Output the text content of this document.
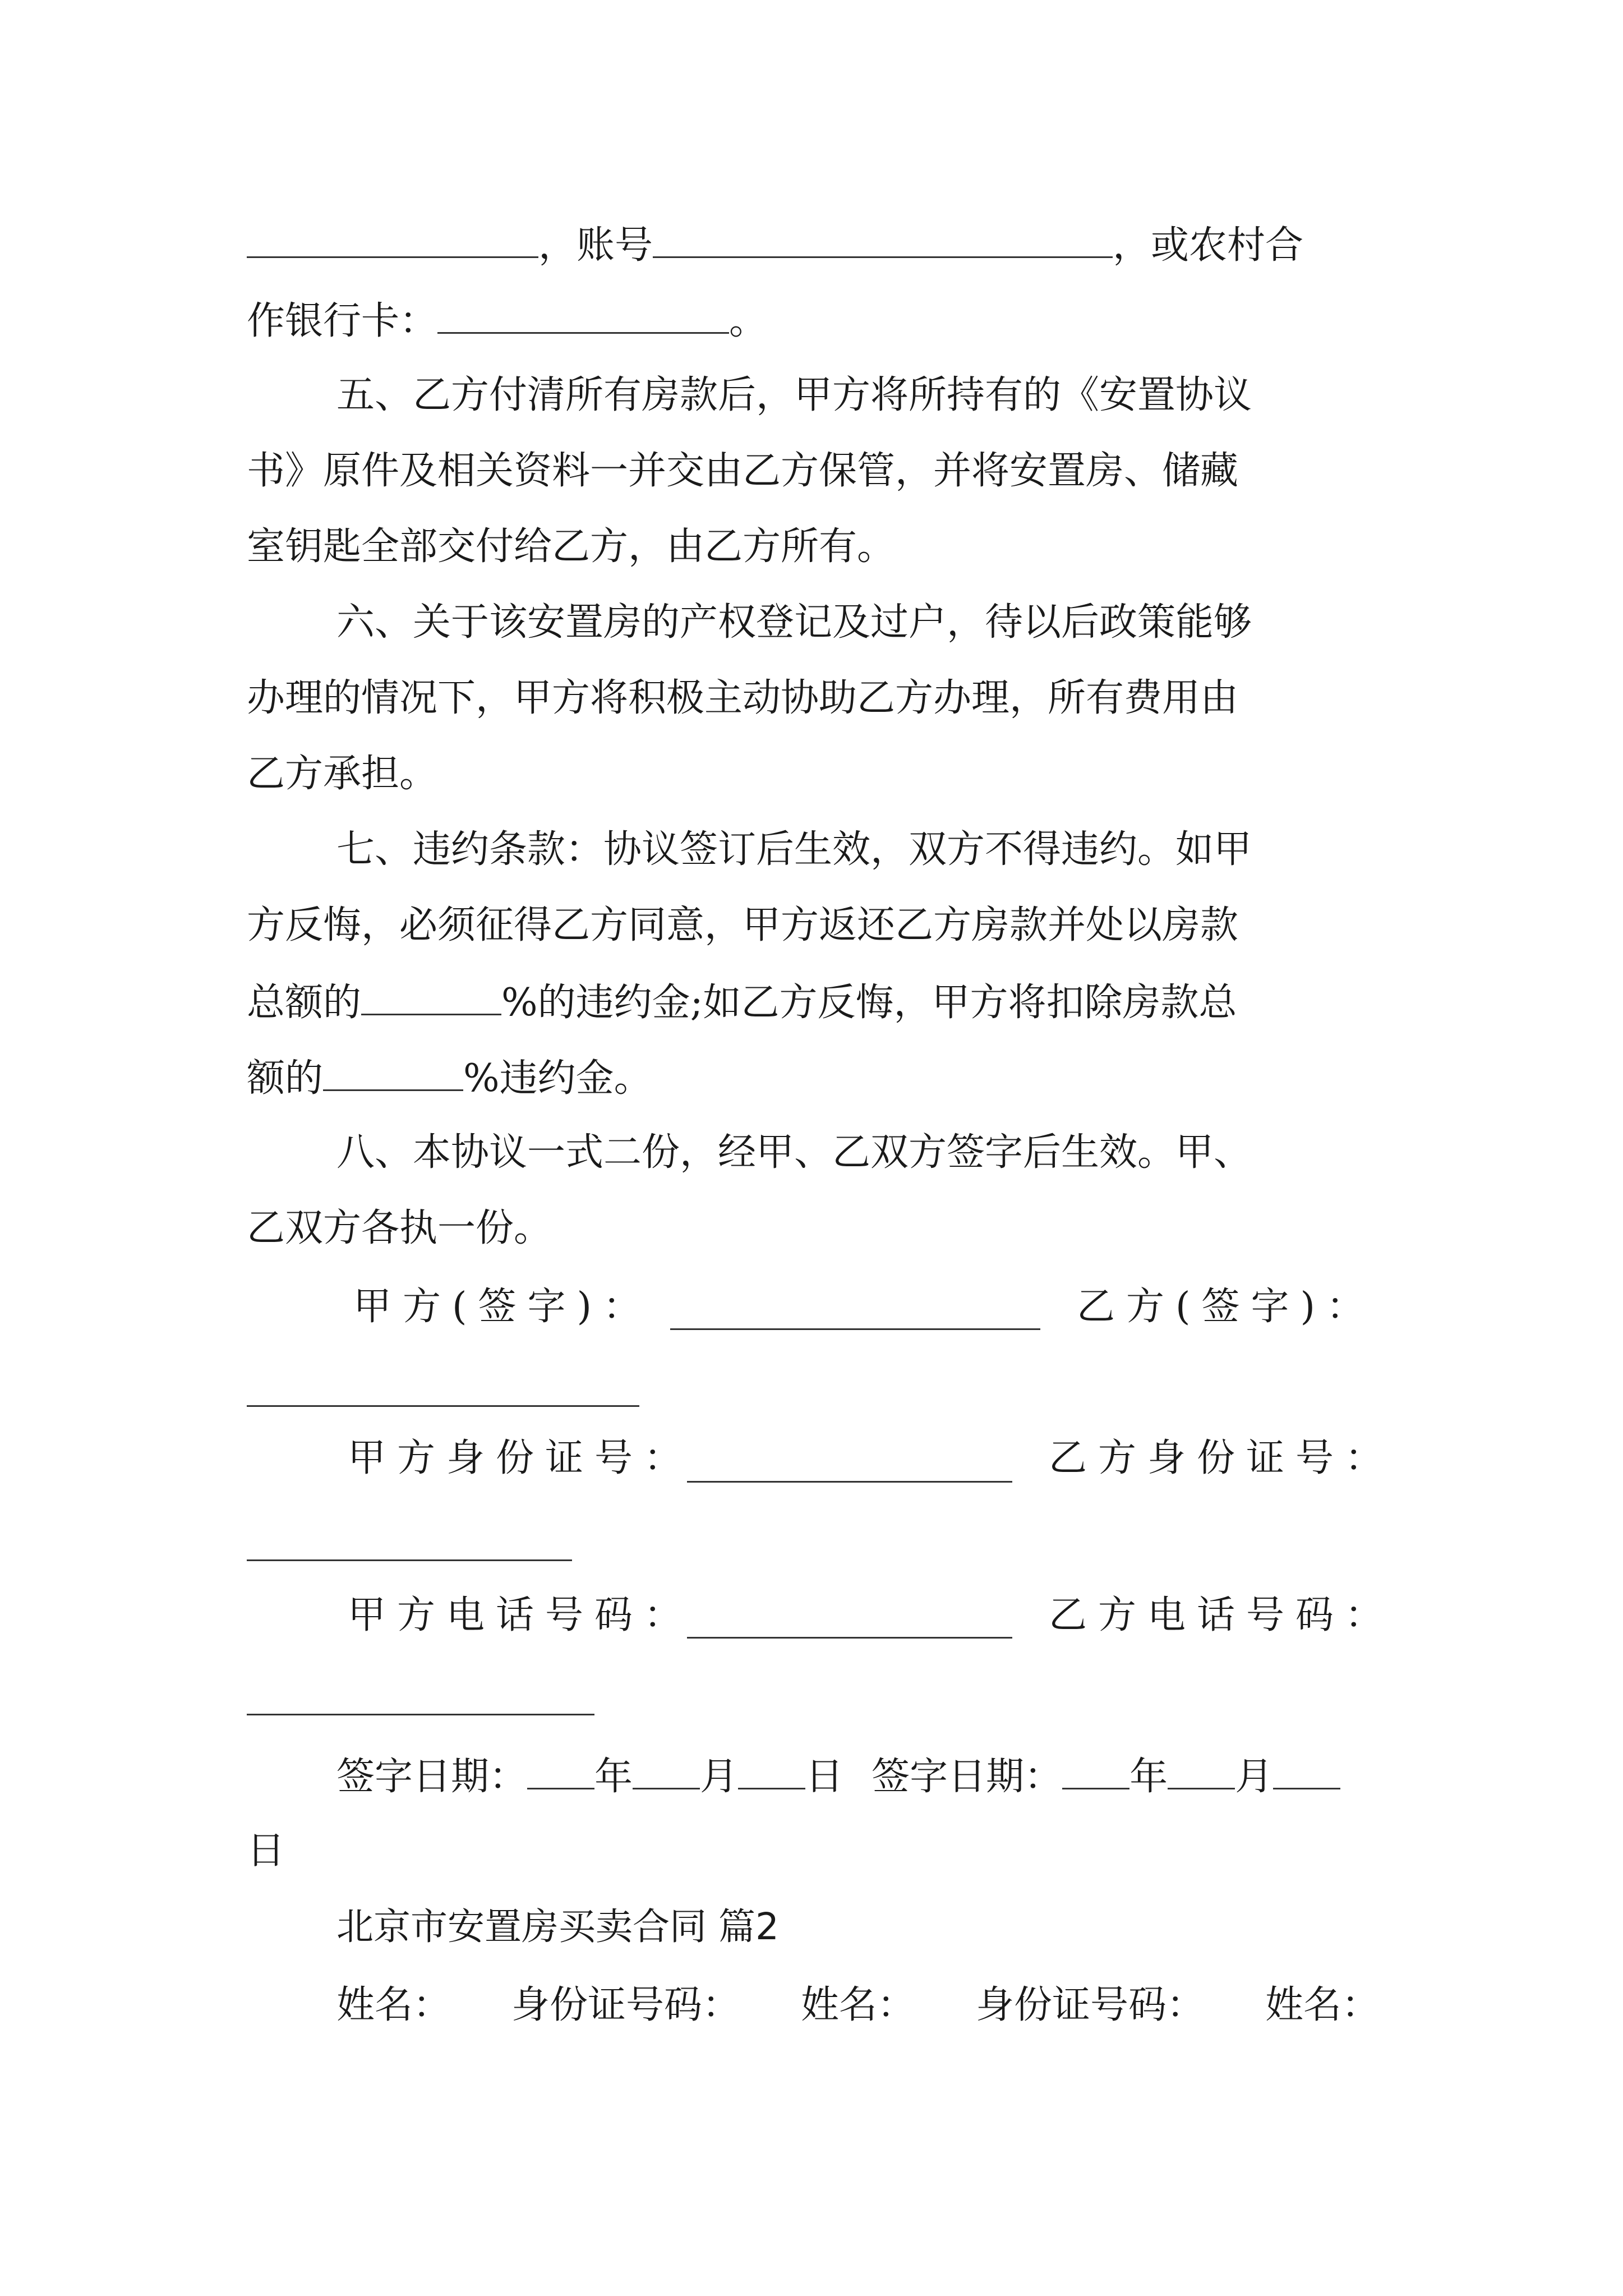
，账号	，或农村合
作银行卡：	。
五、乙方付清所有房款后，甲方将所持有的《安置协议
书》原件及相关资料一并交由乙方保管，并将安置房、储藏
室钥匙全部交付给乙方，由乙方所有。
六、关于该安置房的产权登记及过户，待以后政策能够
办理的情况下，甲方将积极主动协助乙方办理，所有费用由
乙方承担。
七、违约条款：协议签订后生效，双方不得违约。如甲
方反悔，必须征得乙方同意，甲方返还乙方房款并处以房款
总额的	%的违约金;如乙方反悔，甲方将扣除房款总
额的	%违约金。
八、本协议一式二份，经甲、乙双方签字后生效。甲、
乙双方各执一份。
甲方(签字)：	乙方(签字)：
甲方身份证号：	乙方身份证号：
甲方电话号码：	乙方电话号码：
签字日期： 年 月 日 签字日期： 年 月
日
北京市安置房买卖合同 篇2
姓名： 身份证号码： 姓名： 身份证号码： 姓名：
